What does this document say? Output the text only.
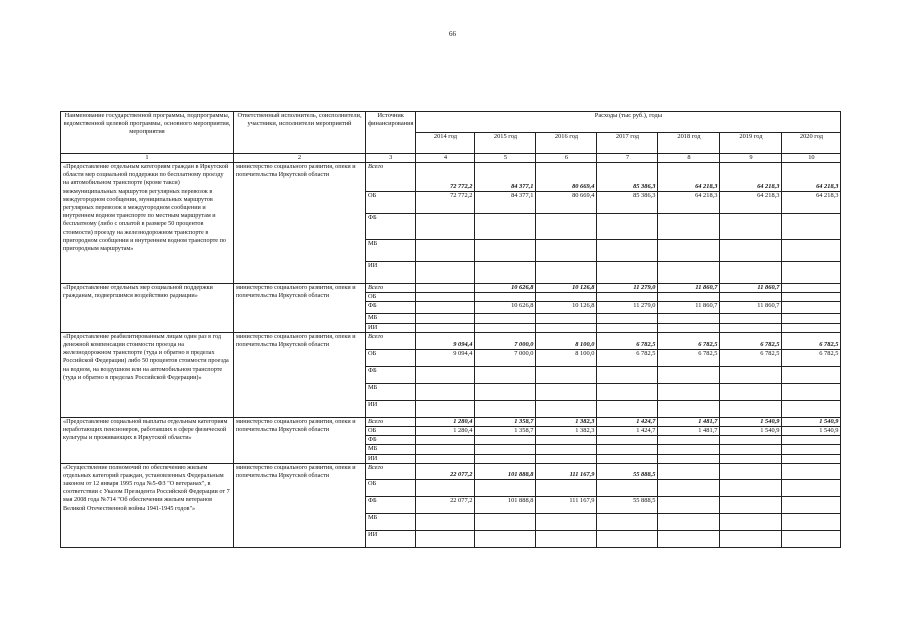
66
Наименование государственной программы, подпрограммы, ведомственной целевой программы, основного мероприятия, мероприятия	Ответственный исполнитель, соисполнители, участники, исполнители мероприятий	Источник финансирования	Расходы (тыс руб.), годы						
			2014 год	2015 год	2016 год	2017 год	2018 год	2019 год	2020 год
1	2	3	4	5	6	7	8	9	10
«Предоставление отдельным категориям граждан в Иркутской области мер социальной поддержки по бесплатному проезду на автомобильном транспорте (кроме такси) межмуниципальных маршрутов регулярных перевозок в междугородном сообщении, муниципальных маршрутов регулярных перевозок в междугородном сообщении и внутреннем водном транспорте по местным маршрутам и бесплатному (либо с оплатой в размере 50 процентов стоимости) проезду на железнодорожном транспорте в пригородном сообщении и внутреннем водном транспорте по пригородным маршрутам»	министерство социального развития, опеки и попечительства Иркутской области	Всего	72 772,2	84 377,1	80 669,4	85 386,3	64 218,3	64 218,3	64 218,3
		ОБ	72 772,2	84 377,1	80 669,4	85 386,3	64 218,3	64 218,3	64 218,3
		ФБ							
		МБ							
		ИИ							
«Предоставление отдельных мер социальной поддержки гражданам, подвергшимся воздействию радиации»	министерство социального развития, опеки и попечительства Иркутской области	Всего		10 626,8	10 126,8	11 279,0	11 860,7	11 860,7	
		ОБ							
		ФБ		10 626,8	10 126,8	11 279,0	11 860,7	11 860,7	
		МБ							
		ИИ							
«Предоставление реабилитированным лицам один раз в год денежной компенсации стоимости проезда на железнодорожном транспорте (туда и обратно в пределах Российской Федерации) либо 50 процентов стоимости проезда на водном, на воздушном или на автомобильном транспорте (туда и обратно в пределах Российской Федерации)»	министерство социального развития, опеки и попечительства Иркутской области	Всего	9 094,4	7 000,0	8 100,0	6 782,5	6 782,5	6 782,5	6 782,5
		ОБ	9 094,4	7 000,0	8 100,0	6 782,5	6 782,5	6 782,5	6 782,5
		ФБ							
		МБ							
		ИИ							
«Предоставление социальной выплаты отдельным категориям неработающих пенсионеров, работавших в сфере физической культуры и проживающих в Иркутской области»	министерство социального развития, опеки и попечительства Иркутской области	Всего	1 280,4	1 358,7	1 382,3	1 424,7	1 481,7	1 540,9	1 540,9
		ОБ	1 280,4	1 358,7	1 382,3	1 424,7	1 481,7	1 540,9	1 540,9
		ФБ							
		МБ							
		ИИ							
«Осуществление полномочий по обеспечению жильем отдельных категорий граждан, установленных Федеральным законом от 12 января 1995 года №5-ФЗ "О ветеранах", в соответствии с Указом Президента Российской Федерации от 7 мая 2008 года №714 "Об обеспечении жильем ветеранов Великой Отечественной войны 1941-1945 годов"»	министерство социального развития, опеки и попечительства Иркутской области	Всего	22 077,2	101 888,8	111 167,9	55 888,5			
		ОБ							
		ФБ	22 077,2	101 888,8	111 167,9	55 888,5			
		МБ							
		ИИ							
